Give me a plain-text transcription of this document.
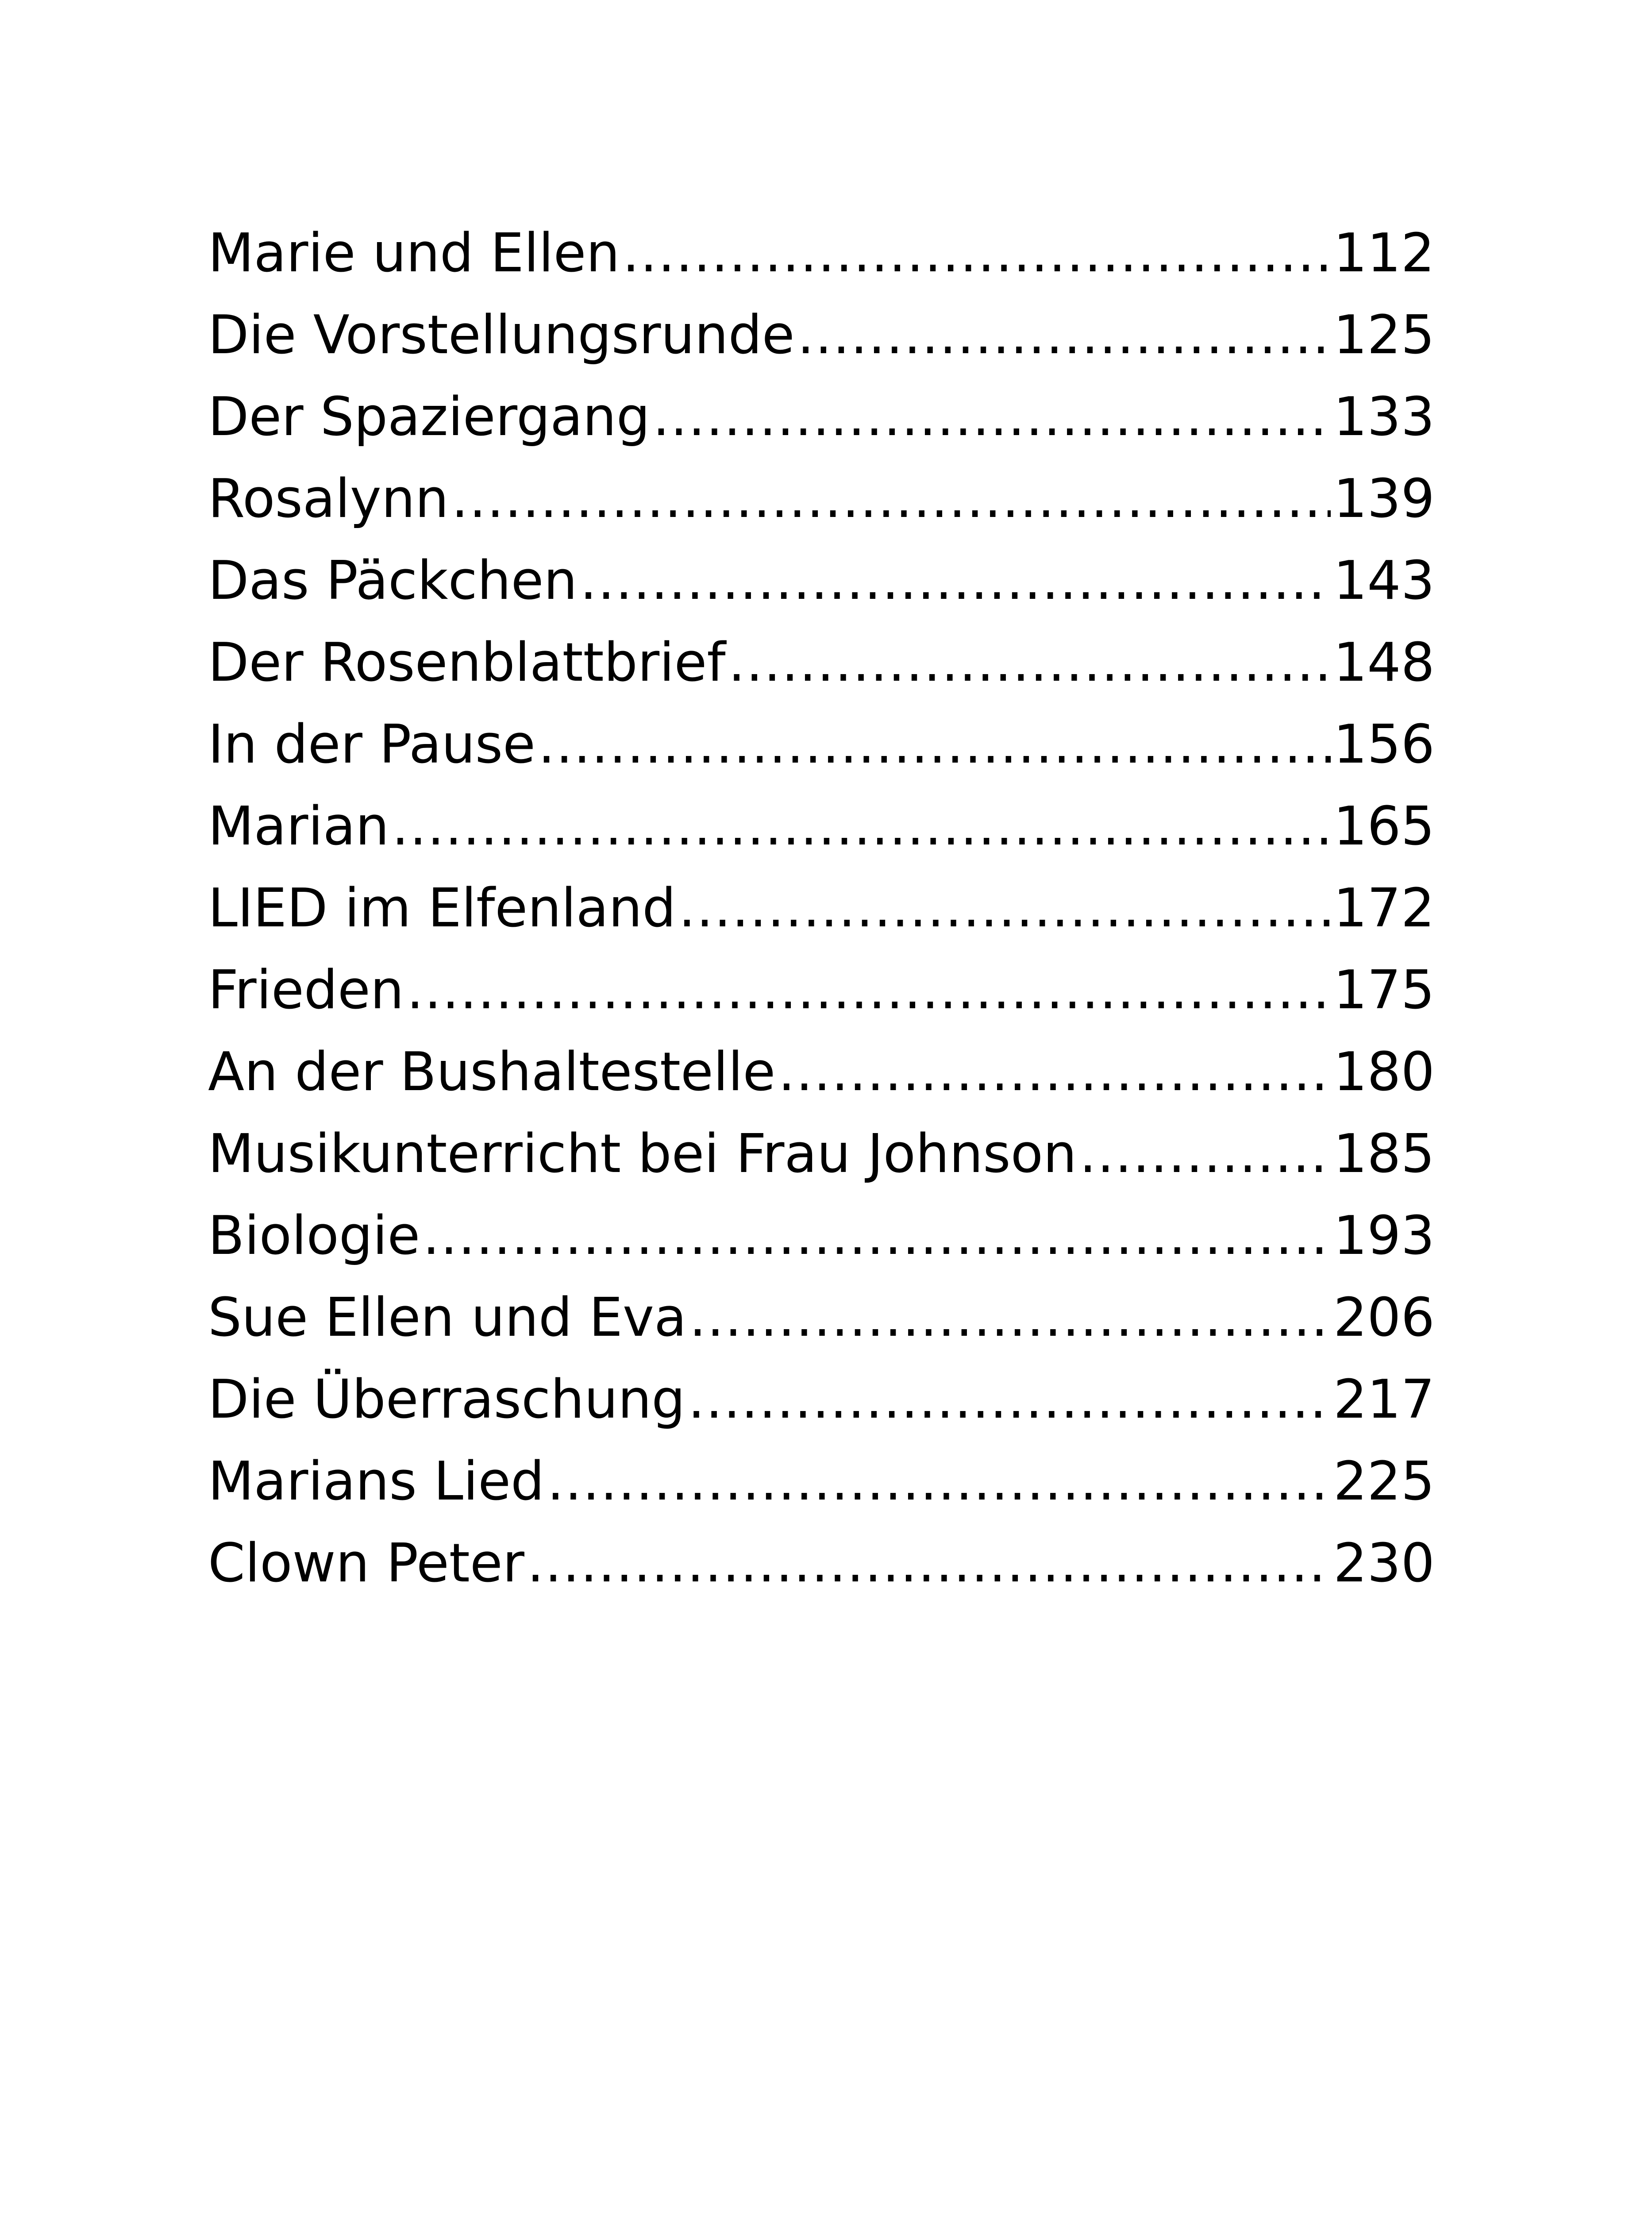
Marie und Ellen .....	112
Die Vorstellungsrunde .....	125
Der Spaziergang .....	133
Rosalynn .....	139
Das Päckchen .....	143
Der Rosenblattbrief .....	148
In der Pause .....	156
Marian .....	165
LIED im Elfenland .....	172
Frieden .....	175
An der Bushaltestelle .....	180
Musikunterricht bei Frau Johnson .....	185
Biologie .....	193
Sue Ellen und Eva .....	206
Die Überraschung .....	217
Marians Lied .....	225
Clown Peter .....	230
